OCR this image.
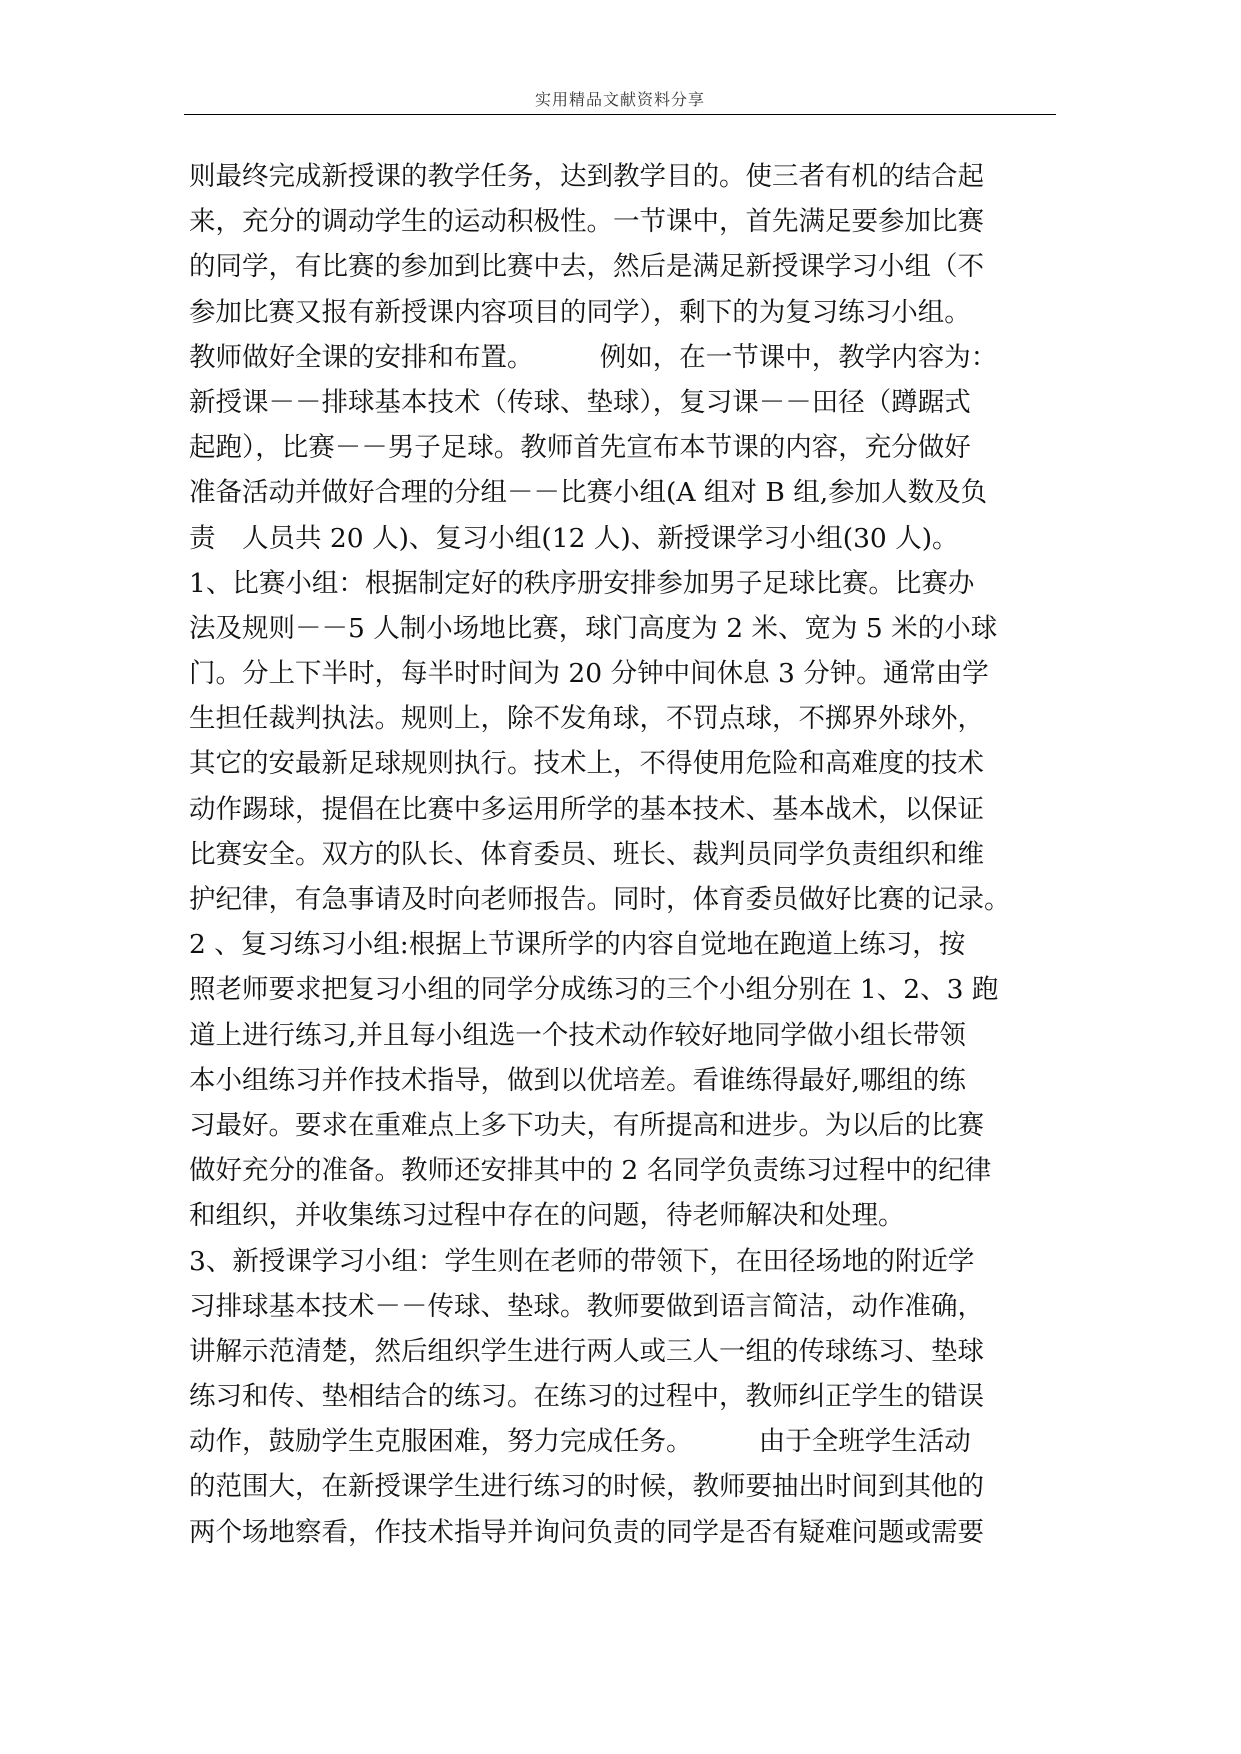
实用精品文献资料分享
则最终完成新授课的教学任务，达到教学目的。使三者有机的结合起
来，充分的调动学生的运动积极性。一节课中，首先满足要参加比赛
的同学，有比赛的参加到比赛中去，然后是满足新授课学习小组（不
参加比赛又报有新授课内容项目的同学），剩下的为复习练习小组。
教师做好全课的安排和布置。　　　例如，在一节课中，教学内容为：
新授课－－排球基本技术（传球、垫球），复习课－－田径（蹲踞式
起跑），比赛－－男子足球。教师首先宣布本节课的内容，充分做好
准备活动并做好合理的分组－－比赛小组(A 组对 B 组,参加人数及负
责　人员共 20 人)、复习小组(12 人)、新授课学习小组(30 人)。
1、比赛小组：根据制定好的秩序册安排参加男子足球比赛。比赛办
法及规则－－5 人制小场地比赛，球门高度为 2 米、宽为 5 米的小球
门。分上下半时，每半时时间为 20 分钟中间休息 3 分钟。通常由学
生担任裁判执法。规则上，除不发角球，不罚点球，不掷界外球外，
其它的安最新足球规则执行。技术上，不得使用危险和高难度的技术
动作踢球，提倡在比赛中多运用所学的基本技术、基本战术，以保证
比赛安全。双方的队长、体育委员、班长、裁判员同学负责组织和维
护纪律，有急事请及时向老师报告。同时，体育委员做好比赛的记录。
2 、复习练习小组:根据上节课所学的内容自觉地在跑道上练习，按
照老师要求把复习小组的同学分成练习的三个小组分别在 1、2、3 跑
道上进行练习,并且每小组选一个技术动作较好地同学做小组长带领
本小组练习并作技术指导，做到以优培差。看谁练得最好,哪组的练
习最好。要求在重难点上多下功夫，有所提高和进步。为以后的比赛
做好充分的准备。教师还安排其中的 2 名同学负责练习过程中的纪律
和组织，并收集练习过程中存在的问题，待老师解决和处理。
3、新授课学习小组：学生则在老师的带领下，在田径场地的附近学
习排球基本技术－－传球、垫球。教师要做到语言简洁，动作准确，
讲解示范清楚，然后组织学生进行两人或三人一组的传球练习、垫球
练习和传、垫相结合的练习。在练习的过程中，教师纠正学生的错误
动作，鼓励学生克服困难，努力完成任务。　　　由于全班学生活动
的范围大，在新授课学生进行练习的时候，教师要抽出时间到其他的
两个场地察看，作技术指导并询问负责的同学是否有疑难问题或需要
